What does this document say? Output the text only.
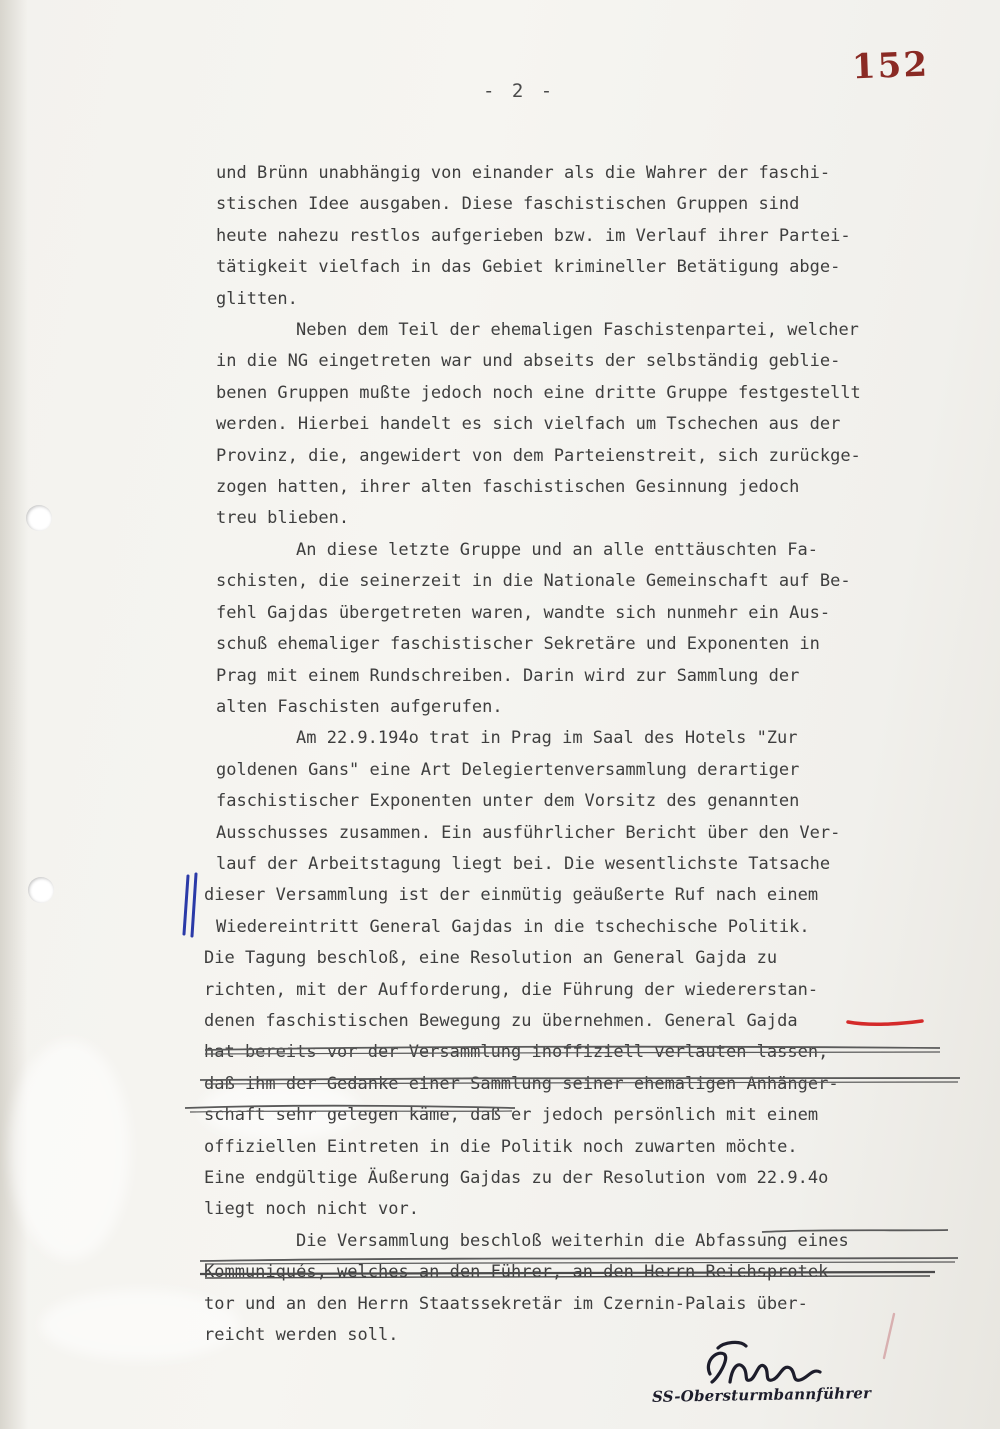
152
- 2 -
und Brünn unabhängig von einander als die Wahrer der faschi-
stischen Idee ausgaben. Diese faschistischen Gruppen sind
heute nahezu restlos aufgerieben bzw. im Verlauf ihrer Partei-
tätigkeit vielfach in das Gebiet krimineller Betätigung abge-
glitten.
Neben dem Teil der ehemaligen Faschistenpartei, welcher
in die NG eingetreten war und abseits der selbständig geblie-
benen Gruppen mußte jedoch noch eine dritte Gruppe festgestellt
werden. Hierbei handelt es sich vielfach um Tschechen aus der
Provinz, die, angewidert von dem Parteienstreit, sich zurückge-
zogen hatten, ihrer alten faschistischen Gesinnung jedoch
treu blieben.
An diese letzte Gruppe und an alle enttäuschten Fa-
schisten, die seinerzeit in die Nationale Gemeinschaft auf Be-
fehl Gajdas übergetreten waren, wandte sich nunmehr ein Aus-
schuß ehemaliger faschistischer Sekretäre und Exponenten in
Prag mit einem Rundschreiben. Darin wird zur Sammlung der
alten Faschisten aufgerufen.
Am 22.9.194o trat in Prag im Saal des Hotels "Zur
goldenen Gans" eine Art Delegiertenversammlung derartiger
faschistischer Exponenten unter dem Vorsitz des genannten
Ausschusses zusammen. Ein ausführlicher Bericht über den Ver-
lauf der Arbeitstagung liegt bei. Die wesentlichste Tatsache
dieser Versammlung ist der einmütig geäußerte Ruf nach einem
Wiedereintritt General Gajdas in die tschechische Politik.
Die Tagung beschloß, eine Resolution an General Gajda zu
richten, mit der Aufforderung, die Führung der wiedererstan-
denen faschistischen Bewegung zu übernehmen. General Gajda
hat bereits vor der Versammlung inoffiziell verlauten lassen,
daß ihm der Gedanke einer Sammlung seiner ehemaligen Anhänger-
schaft sehr gelegen käme, daß er jedoch persönlich mit einem
offiziellen Eintreten in die Politik noch zuwarten möchte.
Eine endgültige Äußerung Gajdas zu der Resolution vom 22.9.4o
liegt noch nicht vor.
Die Versammlung beschloß weiterhin die Abfassung eines
Kommuniqués, welches an den Führer, an den Herrn Reichsprotek-
tor und an den Herrn Staatssekretär im Czernin-Palais über-
reicht werden soll.
SS-Obersturmbannführer
